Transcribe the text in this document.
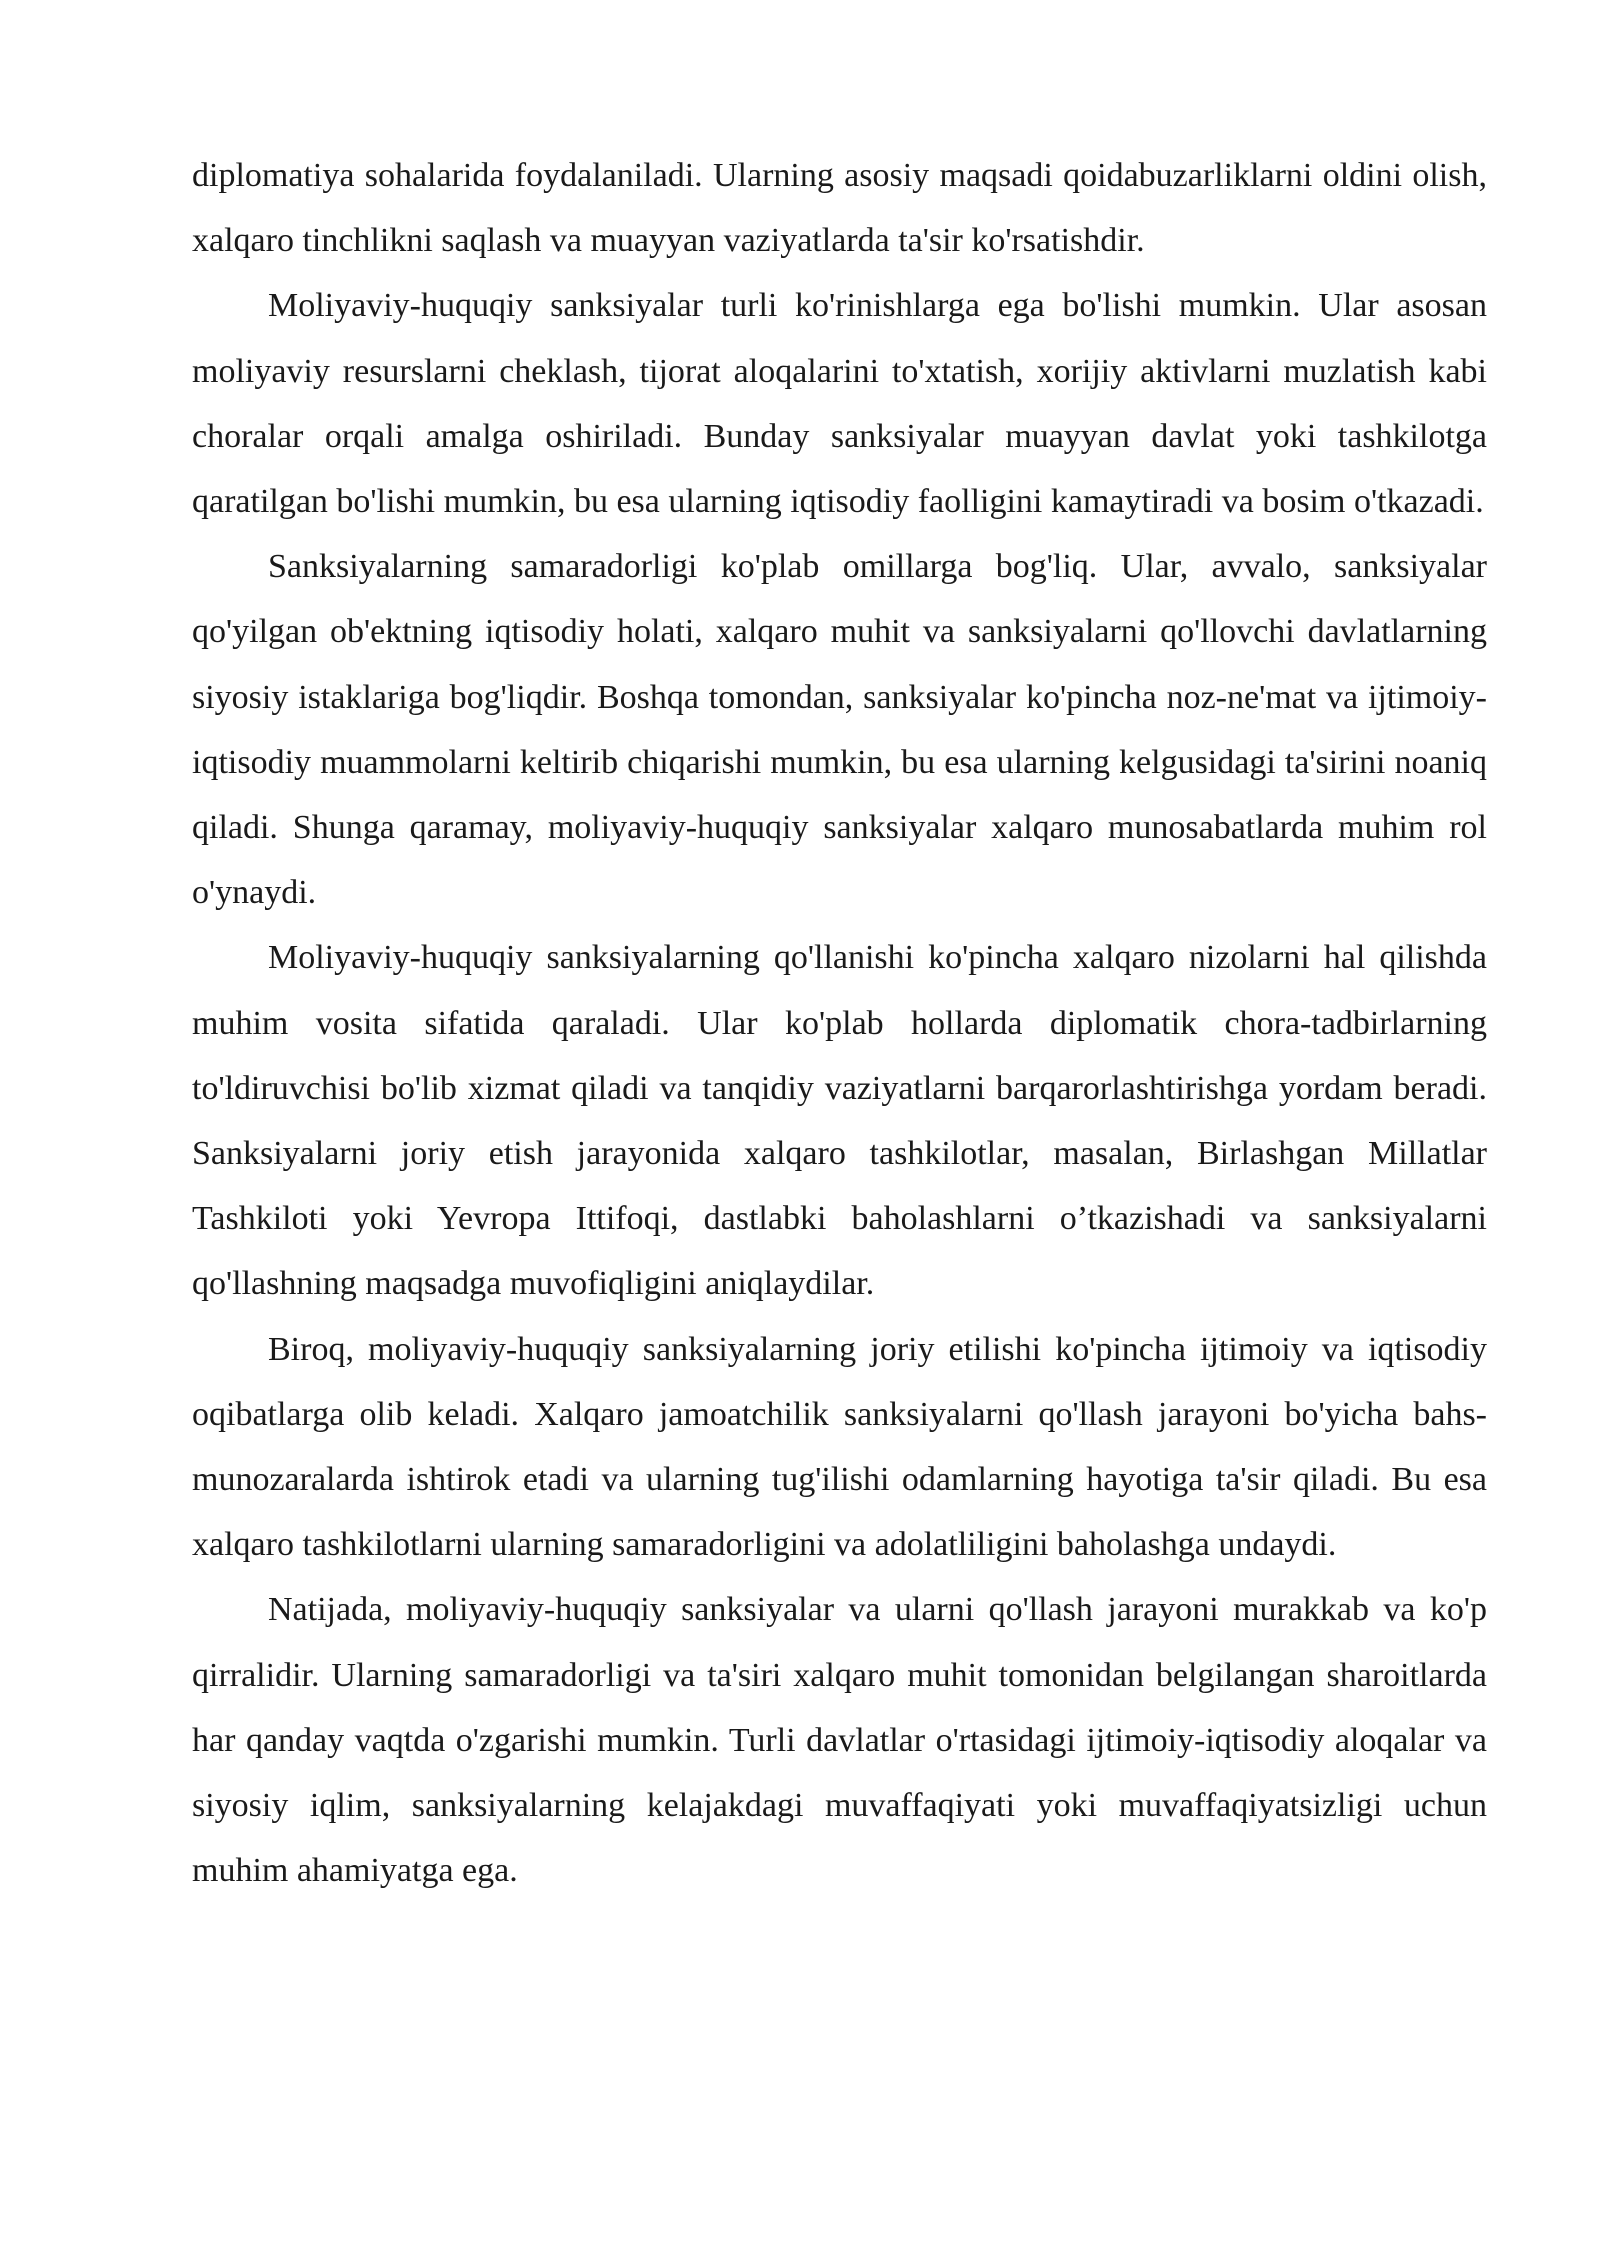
diplomatiya sohalarida foydalaniladi. Ularning asosiy maqsadi qoidabuzarliklarni oldini olish, xalqaro tinchlikni saqlash va muayyan vaziyatlarda ta'sir ko'rsatishdir.

Moliyaviy-huquqiy sanksiyalar turli ko'rinishlarga ega bo'lishi mumkin. Ular asosan moliyaviy resurslarni cheklash, tijorat aloqalarini to'xtatish, xorijiy aktivlarni muzlatish kabi choralar orqali amalga oshiriladi. Bunday sanksiyalar muayyan davlat yoki tashkilotga qaratilgan bo'lishi mumkin, bu esa ularning iqtisodiy faolligini kamaytiradi va bosim o'tkazadi.

Sanksiyalarning samaradorligi ko'plab omillarga bog'liq. Ular, avvalo, sanksiyalar qo'yilgan ob'ektning iqtisodiy holati, xalqaro muhit va sanksiyalarni qo'llovchi davlatlarning siyosiy istaklariga bog'liqdir. Boshqa tomondan, sanksiyalar ko'pincha noz-ne'mat va ijtimoiy-iqtisodiy muammolarni keltirib chiqarishi mumkin, bu esa ularning kelgusidagi ta'sirini noaniq qiladi. Shunga qaramay, moliyaviy-huquqiy sanksiyalar xalqaro munosabatlarda muhim rol o'ynaydi.

Moliyaviy-huquqiy sanksiyalarning qo'llanishi ko'pincha xalqaro nizolarni hal qilishda muhim vosita sifatida qaraladi. Ular ko'plab hollarda diplomatik chora-tadbirlarning to'ldiruvchisi bo'lib xizmat qiladi va tanqidiy vaziyatlarni barqarorlashtirishga yordam beradi. Sanksiyalarni joriy etish jarayonida xalqaro tashkilotlar, masalan, Birlashgan Millatlar Tashkiloti yoki Yevropa Ittifoqi, dastlabki baholashlarni o’tkazishadi va sanksiyalarni qo'llashning maqsadga muvofiqligini aniqlaydilar.

Biroq, moliyaviy-huquqiy sanksiyalarning joriy etilishi ko'pincha ijtimoiy va iqtisodiy oqibatlarga olib keladi. Xalqaro jamoatchilik sanksiyalarni qo'llash jarayoni bo'yicha bahs-munozaralarda ishtirok etadi va ularning tug'ilishi odamlarning hayotiga ta'sir qiladi. Bu esa xalqaro tashkilotlarni ularning samaradorligini va adolatliligini baholashga undaydi.

Natijada, moliyaviy-huquqiy sanksiyalar va ularni qo'llash jarayoni murakkab va ko'p qirralidir. Ularning samaradorligi va ta'siri xalqaro muhit tomonidan belgilangan sharoitlarda har qanday vaqtda o'zgarishi mumkin. Turli davlatlar o'rtasidagi ijtimoiy-iqtisodiy aloqalar va siyosiy iqlim, sanksiyalarning kelajakdagi muvaffaqiyati yoki muvaffaqiyatsizligi uchun muhim ahamiyatga ega.
